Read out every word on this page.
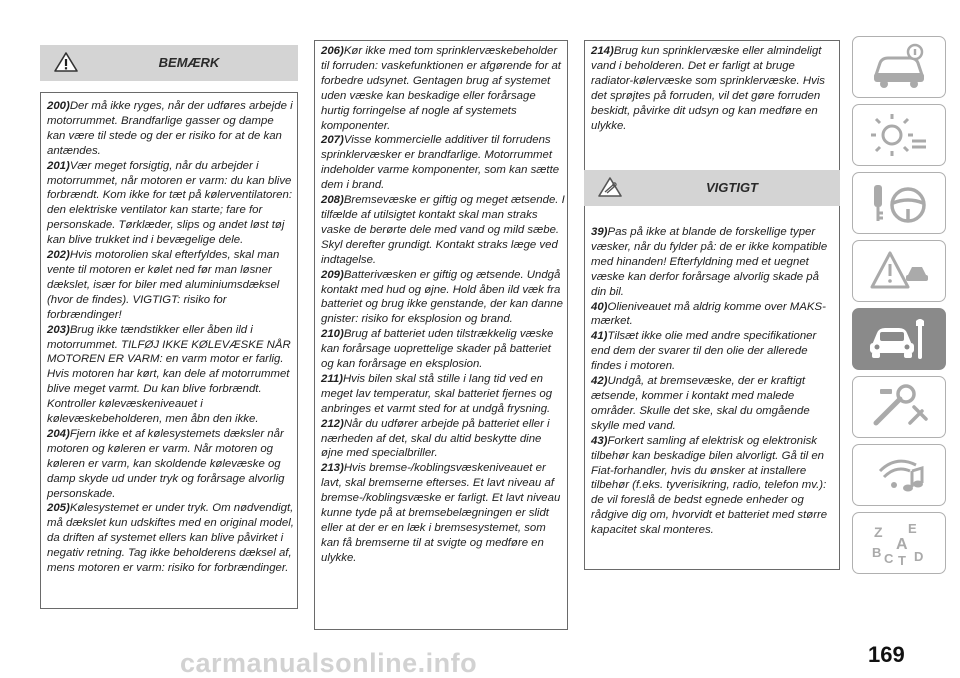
BEMÆRK

200)Der må ikke ryges, når der udføres arbejde i motorrummet. Brandfarlige gasser og dampe kan være til stede og der er risiko for at de kan antændes.

201)Vær meget forsigtig, når du arbejder i motorrummet, når motoren er varm: du kan blive forbrændt. Kom ikke for tæt på kølerventilatoren: den elektriske ventilator kan starte; fare for personskade. Tørklæder, slips og andet løst tøj kan blive trukket ind i bevægelige dele.

202)Hvis motorolien skal efterfyldes, skal man vente til motoren er kølet ned før man løsner dækslet, især for biler med aluminiumsdæksel (hvor de findes). VIGTIGT: risiko for forbrændinger!

203)Brug ikke tændstikker eller åben ild i motorrummet. TILFØJ IKKE KØLEVÆSKE NÅR MOTOREN ER VARM: en varm motor er farlig. Hvis motoren har kørt, kan dele af motorrummet blive meget varmt. Du kan blive forbrændt. Kontroller kølevæskeniveauet i kølevæskebeholderen, men åbn den ikke.

204)Fjern ikke et af kølesystemets dæksler når motoren og køleren er varm. Når motoren og køleren er varm, kan skoldende kølevæske og damp skyde ud under tryk og forårsage alvorlig personskade.

205)Kølesystemet er under tryk. Om nødvendigt, må dækslet kun udskiftes med en original model, da driften af systemet ellers kan blive påvirket i negativ retning. Tag ikke beholderens dæksel af, mens motoren er varm: risiko for forbrændinger.

206)Kør ikke med tom sprinklervæskebeholder til forruden: vaskefunktionen er afgørende for at forbedre udsynet. Gentagen brug af systemet uden væske kan beskadige eller forårsage hurtig forringelse af nogle af systemets komponenter.

207)Visse kommercielle additiver til forrudens sprinklervæsker er brandfarlige. Motorrummet indeholder varme komponenter, som kan sætte dem i brand.

208)Bremsevæske er giftig og meget ætsende. I tilfælde af utilsigtet kontakt skal man straks vaske de berørte dele med vand og mild sæbe. Skyl derefter grundigt. Kontakt straks læge ved indtagelse.

209)Batterivæsken er giftig og ætsende. Undgå kontakt med hud og øjne. Hold åben ild væk fra batteriet og brug ikke genstande, der kan danne gnister: risiko for eksplosion og brand.

210)Brug af batteriet uden tilstrækkelig væske kan forårsage uoprettelige skader på batteriet og kan forårsage en eksplosion.

211)Hvis bilen skal stå stille i lang tid ved en meget lav temperatur, skal batteriet fjernes og anbringes et varmt sted for at undgå frysning.

212)Når du udfører arbejde på batteriet eller i nærheden af det, skal du altid beskytte dine øjne med specialbriller.

213)Hvis bremse-/koblingsvæskeniveauet er lavt, skal bremserne efterses. Et lavt niveau af bremse-/koblingsvæske er farligt. Et lavt niveau kunne tyde på at bremsebelægningen er slidt eller at der er en læk i bremsesystemet, som kan få bremserne til at svigte og medføre en ulykke.

214)Brug kun sprinklervæske eller almindeligt vand i beholderen. Det er farligt at bruge radiator-kølervæske som sprinklervæske. Hvis det sprøjtes på forruden, vil det gøre forruden beskidt, påvirke dit udsyn og kan medføre en ulykke.

VIGTIGT

39)Pas på ikke at blande de forskellige typer væsker, når du fylder på: de er ikke kompatible med hinanden! Efterfyldning med et uegnet væske kan derfor forårsage alvorlig skade på din bil.

40)Olieniveauet må aldrig komme over MAKS-mærket.

41)Tilsæt ikke olie med andre specifikationer end dem der svarer til den olie der allerede findes i motoren.

42)Undgå, at bremsevæske, der er kraftigt ætsende, kommer i kontakt med malede områder. Skulle det ske, skal du omgående skylle med vand.

43)Forkert samling af elektrisk og elektronisk tilbehør kan beskadige bilen alvorligt. Gå til en Fiat-forhandler, hvis du ønsker at installere tilbehør (f.eks. tyverisikring, radio, telefon mv.): de vil foreslå de bedst egnede enheder og rådgive dig om, hvorvidt et batteriet med større kapacitet skal monteres.	Z E
A
B C T D
carmanualsonline.info	169
